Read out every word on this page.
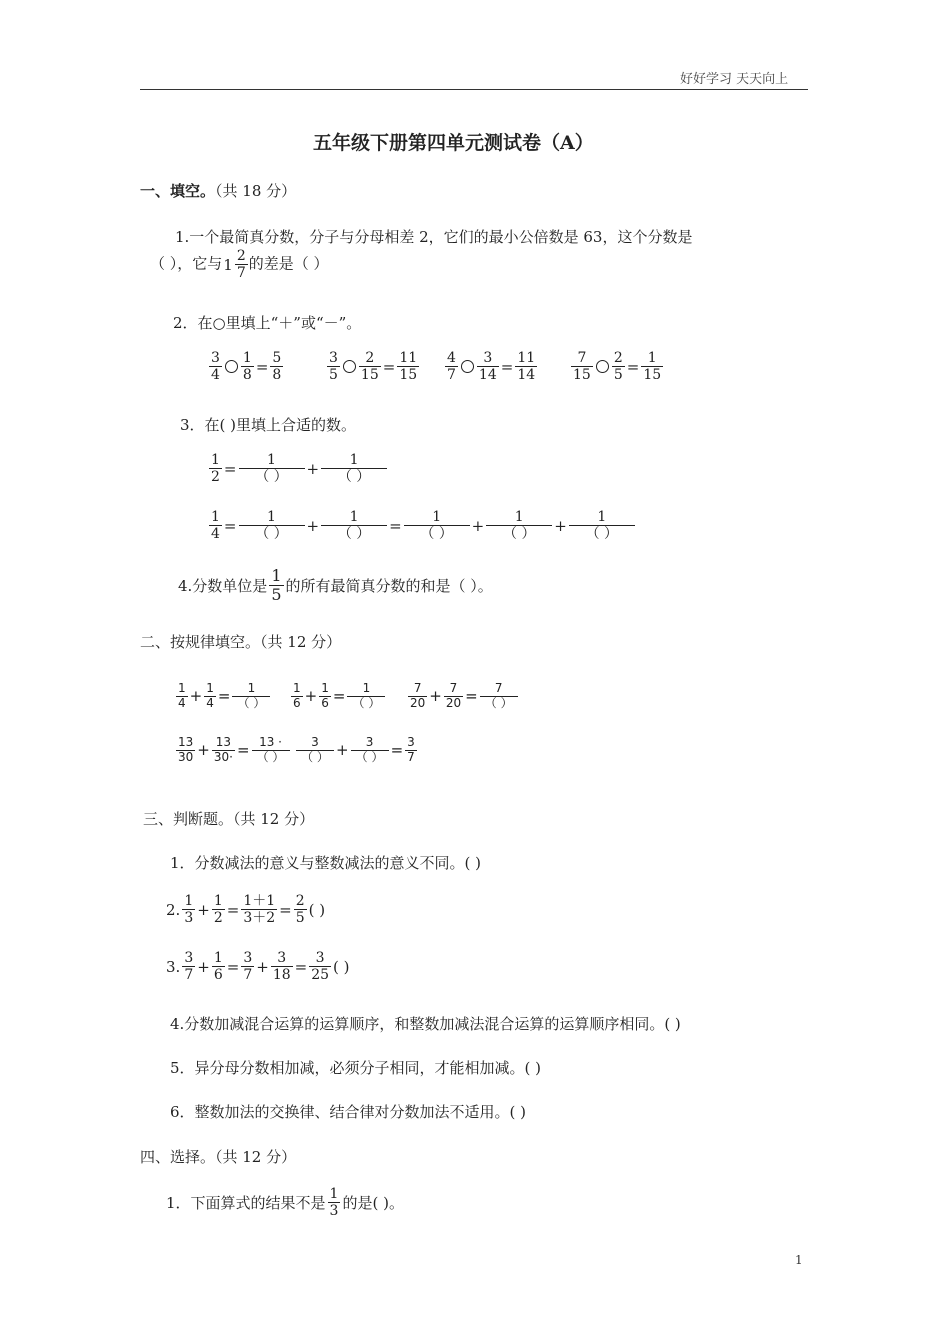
好好学习 天天向上
五年级下册第四单元测试卷（A）
一、填空。（共 18 分）
1.一个最简真分数，分子与分母相差 2，它们的最小公倍数是 63，这个分数是
（ ），它与$1 \frac{2}{7}$ 的差是（ ）
2．在○里填上“＋”或“－”。
$\frac{3}{4} \frac{1}{8} = \frac{5}{8}$	$\frac{3}{5} \frac{2}{15} = \frac{11}{15} \frac{4}{7} \frac{3}{14} = \frac{11}{14} \frac{7}{15} \frac{2}{5} = \frac{1}{15}$
3．在( )里填上合适的数。
$\frac{1}{2}$ =	1
（ ）	+	1
（ ）
$\frac{1}{4}$ =	1
（ ）	+	1
（ ）	=	1
（ ）	+	1
（ ）	+	1
（ ）
4.分数单位是 $\frac{1}{5}$ 的所有最简真分数的和是（ ）。
二、按规律填空。（共 12 分）
$\frac{1}{4} + \frac{1}{4}$ =	1
（ ）	$\frac{1}{6} + \frac{1}{6}$ =	1
（ ）	$\frac{7}{20} + \frac{7}{20}$ =	7
（ ）
$\frac{13}{30} + \frac{13}{30\cdot} = 13$ ·
（ ）
3
（ ） +	3
（ ） = $\frac{3}{7}$
三、判断题。（共 12 分）
1．分数减法的意义与整数减法的意义不同。( )
2. $\frac{1}{3} + \frac{1}{2} = \frac{1+1}{3+2} = \frac{2}{5}$ ( )
3. $\frac{3}{7} + \frac{1}{6} = \frac{3}{7} + \frac{3}{18} = \frac{3}{25}$ ( )
4.分数加减混合运算的运算顺序，和整数加减法混合运算的运算顺序相同。( )
5．异分母分数相加减，必须分子相同，才能相加减。( )
6．整数加法的交换律、结合律对分数加法不适用。( )
四、选择。（共 12 分）
1．下面算式的结果不是 $\frac{1}{3}$ 的是( )。
1
